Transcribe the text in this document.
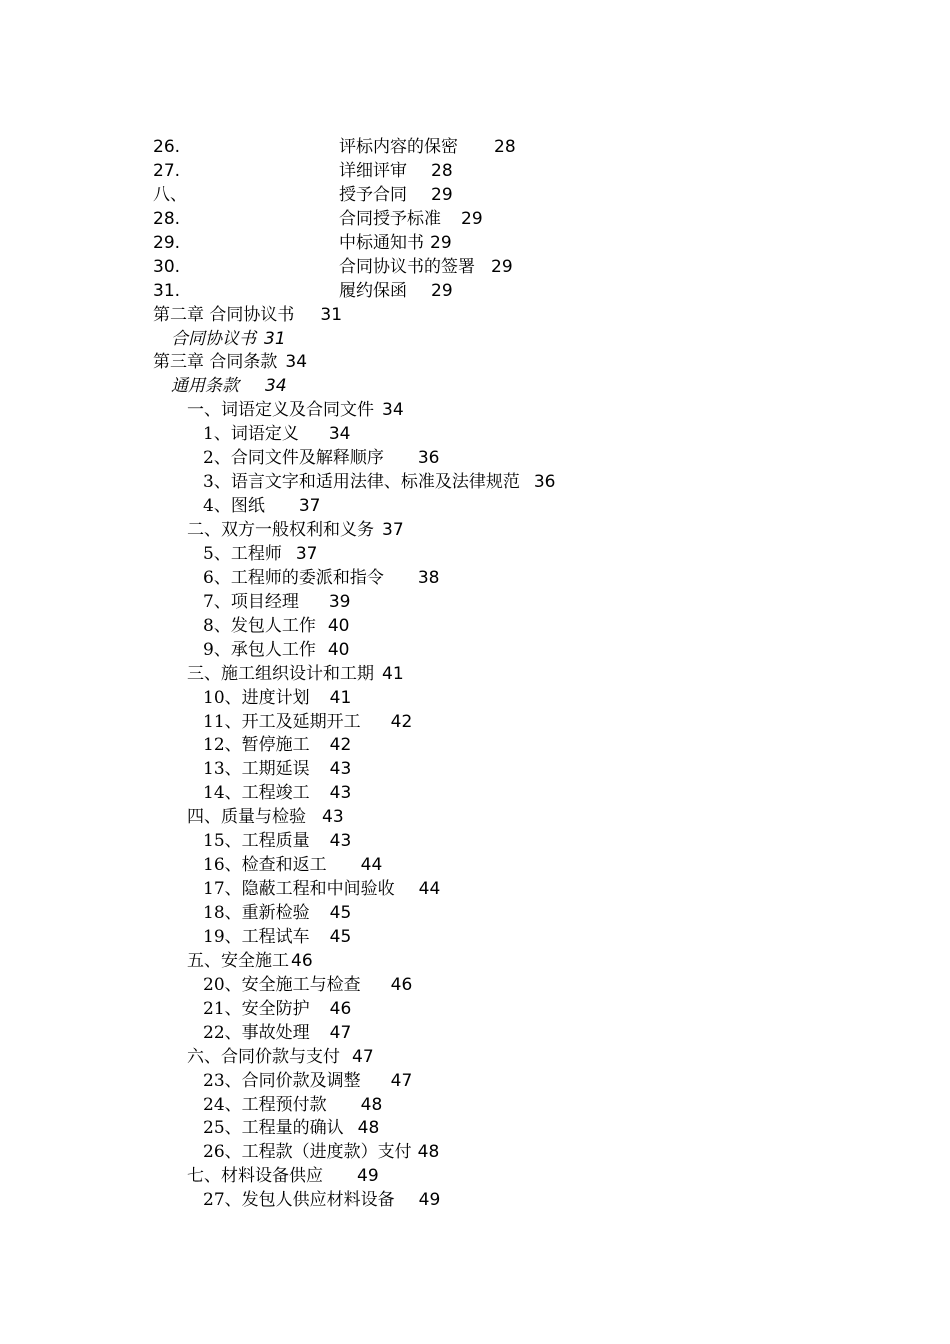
26.	评标内容的保密 28
27.	详细评审 28
八、	授予合同 29
28.	合同授予标准 29
29.	中标通知书 29
30.	合同协议书的签署 29
31.	履约保函 29
第二章 合同协议书 31
合同协议书 31
第三章 合同条款 34
通用条款 34
一、词语定义及合同文件 34
1、词语定义 34
2、合同文件及解释顺序 36
3、语言文字和适用法律、标准及法律规范 36
4、图纸 37
二、双方一般权利和义务 37
5、工程师 37
6、工程师的委派和指令 38
7、项目经理 39
8、发包人工作 40
9、承包人工作 40
三、施工组织设计和工期 41
10、进度计划 41
11、开工及延期开工 42
12、暂停施工 42
13、工期延误 43
14、工程竣工 43
四、质量与检验 43
15、工程质量 43
16、检查和返工 44
17、隐蔽工程和中间验收 44
18、重新检验 45
19、工程试车 45
五、安全施工 46
20、安全施工与检查 46
21、安全防护 46
22、事故处理 47
六、合同价款与支付 47
23、合同价款及调整 47
24、工程预付款 48
25、工程量的确认 48
26、工程款（进度款）支付 48
七、材料设备供应 49
27、发包人供应材料设备 49
